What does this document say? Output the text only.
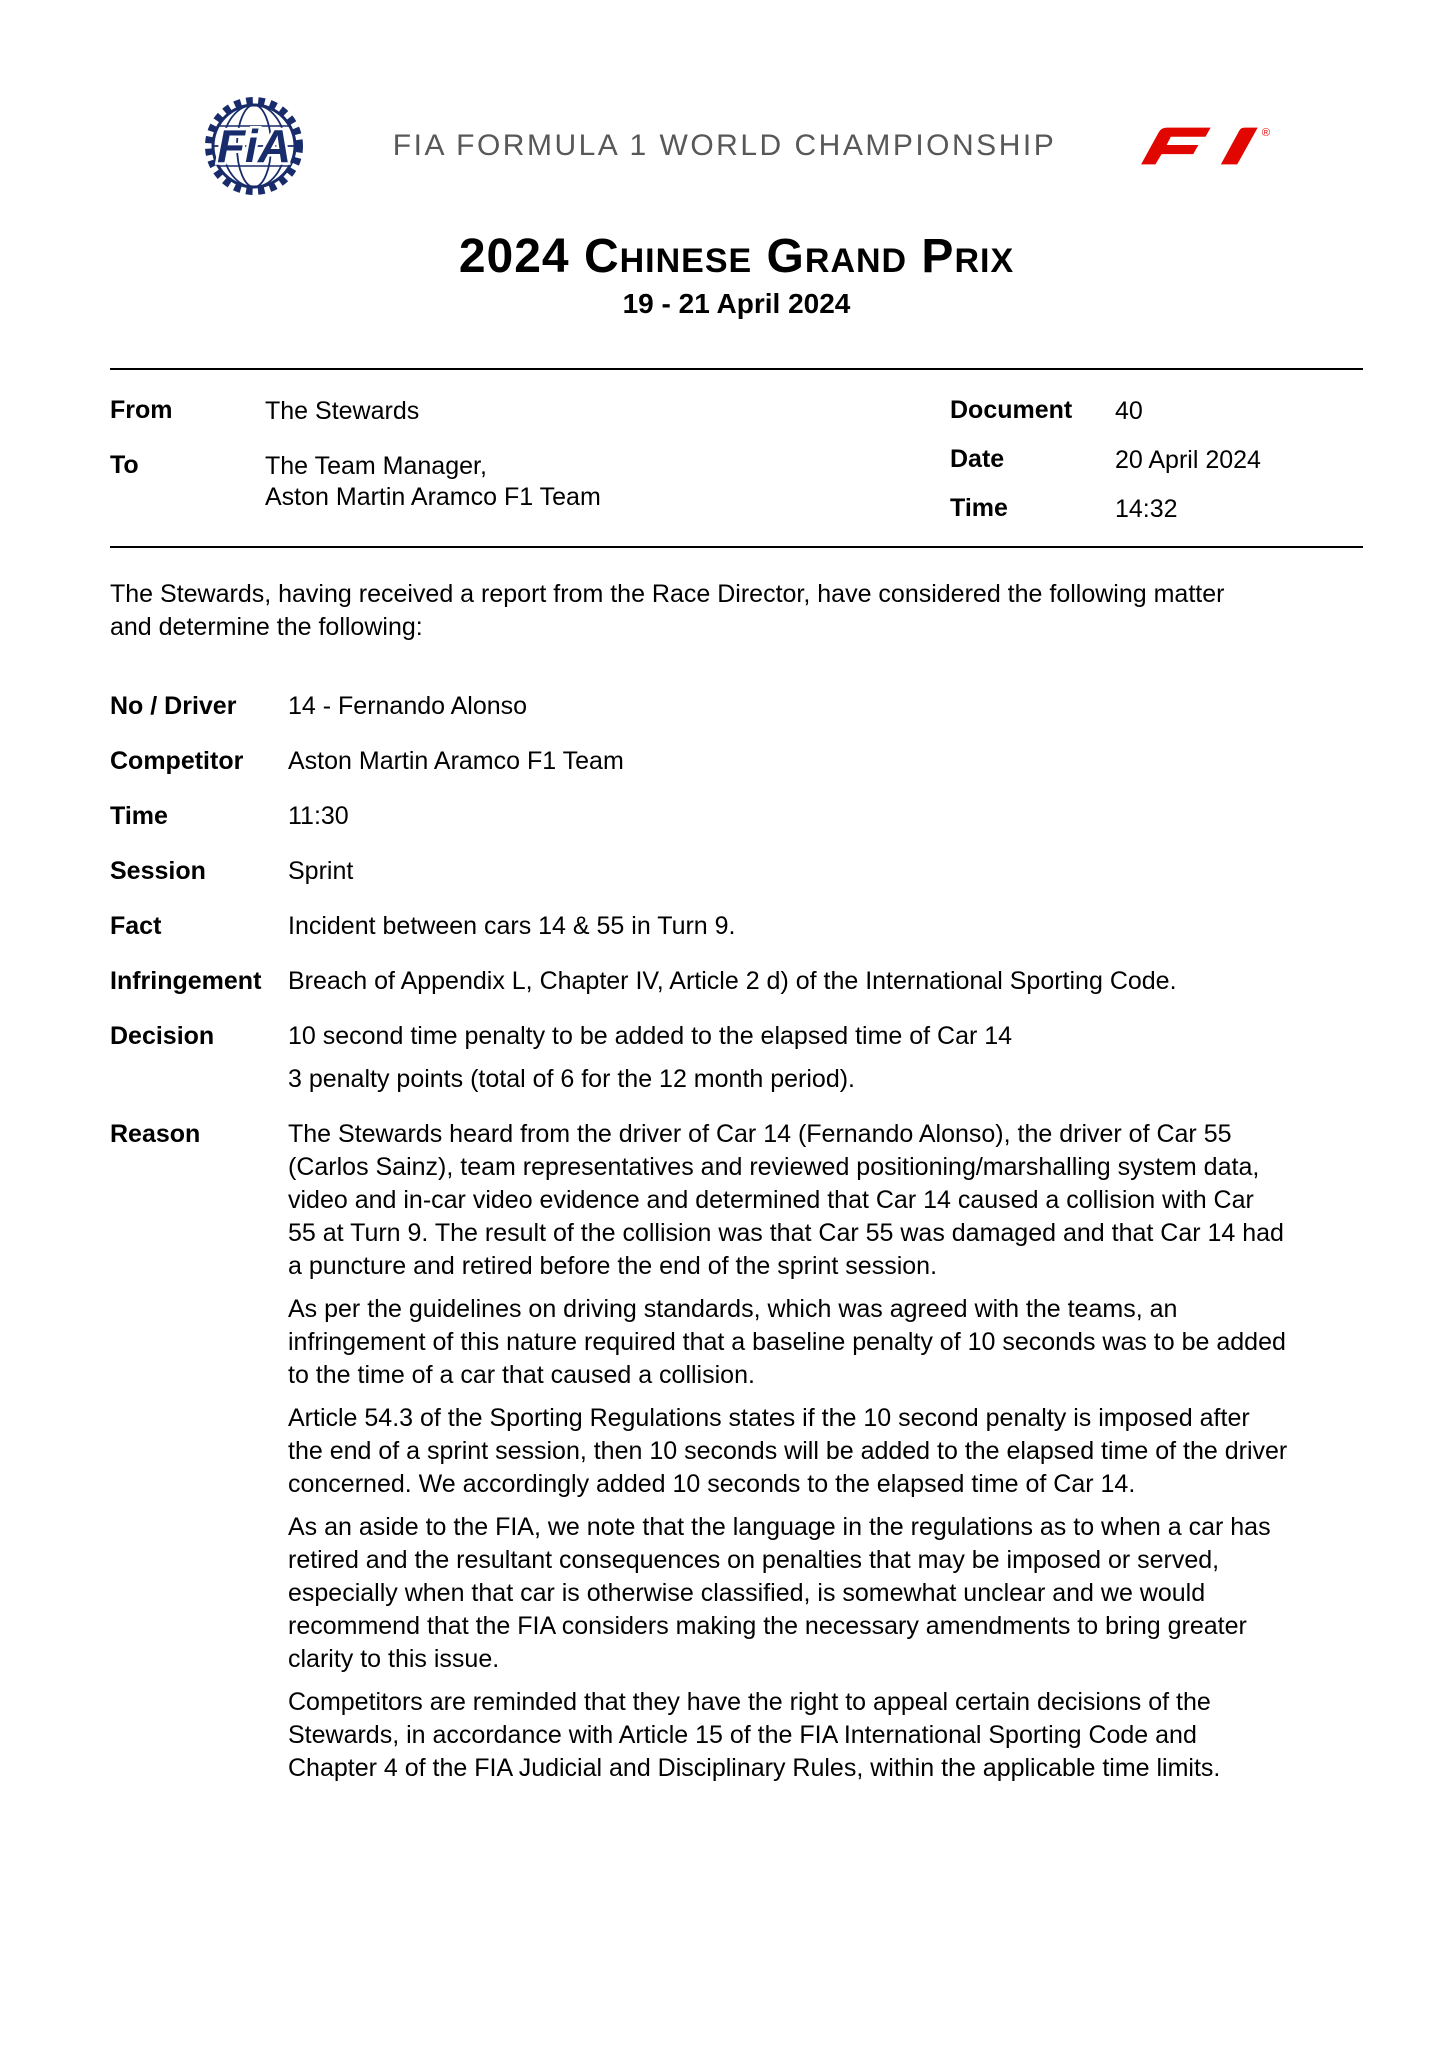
FiA	FIA FORMULA 1 WORLD CHAMPIONSHIP	®
2024 Chinese Grand Prix
19 - 21 April 2024
From	The Stewards
To	The Team Manager,
Aston Martin Aramco F1 Team
Document	40
Date	20 April 2024
Time	14:32

The Stewards, having received a report from the Race Director, have considered the following matter and determine the following:

No / Driver	14 - Fernando Alonso
Competitor	Aston Martin Aramco F1 Team
Time	11:30
Session	Sprint
Fact	Incident between cars 14 & 55 in Turn 9.
Infringement	Breach of Appendix L, Chapter IV, Article 2 d) of the International Sporting Code.
Decision	10 second time penalty to be added to the elapsed time of Car 14

3 penalty points (total of 6 for the 12 month period).

Reason	The Stewards heard from the driver of Car 14 (Fernando Alonso), the driver of Car 55 (Carlos Sainz), team representatives and reviewed positioning/marshalling system data, video and in-car video evidence and determined that Car 14 caused a collision with Car 55 at Turn 9. The result of the collision was that Car 55 was damaged and that Car 14 had a puncture and retired before the end of the sprint session.

As per the guidelines on driving standards, which was agreed with the teams, an infringement of this nature required that a baseline penalty of 10 seconds was to be added to the time of a car that caused a collision.

Article 54.3 of the Sporting Regulations states if the 10 second penalty is imposed after the end of a sprint session, then 10 seconds will be added to the elapsed time of the driver concerned. We accordingly added 10 seconds to the elapsed time of Car 14.

As an aside to the FIA, we note that the language in the regulations as to when a car has retired and the resultant consequences on penalties that may be imposed or served, especially when that car is otherwise classified, is somewhat unclear and we would recommend that the FIA considers making the necessary amendments to bring greater clarity to this issue.

Competitors are reminded that they have the right to appeal certain decisions of the Stewards, in accordance with Article 15 of the FIA International Sporting Code and Chapter 4 of the FIA Judicial and Disciplinary Rules, within the applicable time limits.
